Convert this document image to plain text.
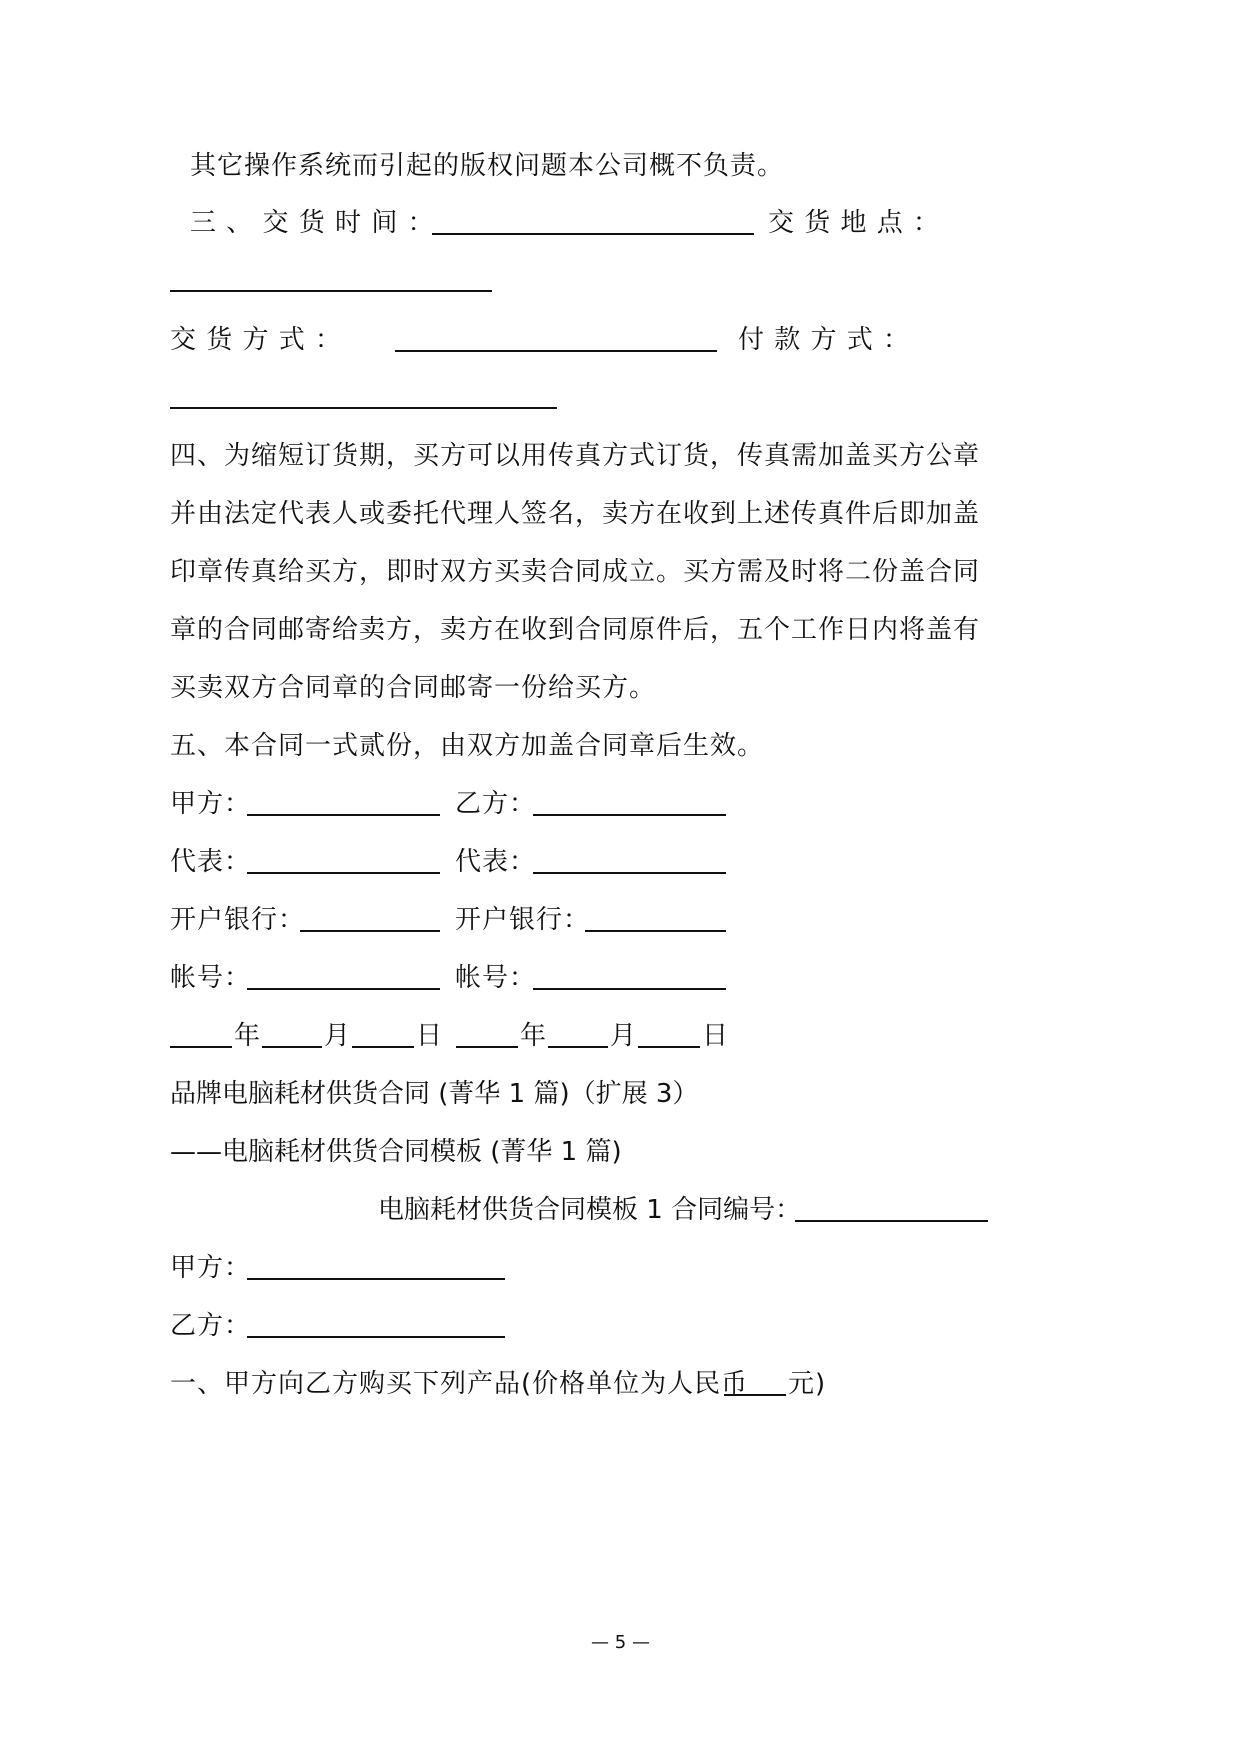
其它操作系统而引起的版权问题本公司概不负责。
三 、 交 货 时 间 ：	交 货 地 点 ：
交 货 方 式 ：	付 款 方 式 ：
四、为缩短订货期，买方可以用传真方式订货，传真需加盖买方公章
并由法定代表人或委托代理人签名，卖方在收到上述传真件后即加盖
印章传真给买方，即时双方买卖合同成立。买方需及时将二份盖合同
章的合同邮寄给卖方，卖方在收到合同原件后，五个工作日内将盖有
买卖双方合同章的合同邮寄一份给买方。
五、本合同一式贰份，由双方加盖合同章后生效。
甲方：	乙方：
代表：	代表：
开户银行：	开户银行：
帐号：	帐号：
年 月 日	年 月 日
品牌电脑耗材供货合同 (菁华 1 篇)（扩展 3）
——电脑耗材供货合同模板 (菁华 1 篇)
电脑耗材供货合同模板 1 合同编号：
甲方：
乙方：
一、甲方向乙方购买下列产品(价格单位为人民币 元)
— 5 —
